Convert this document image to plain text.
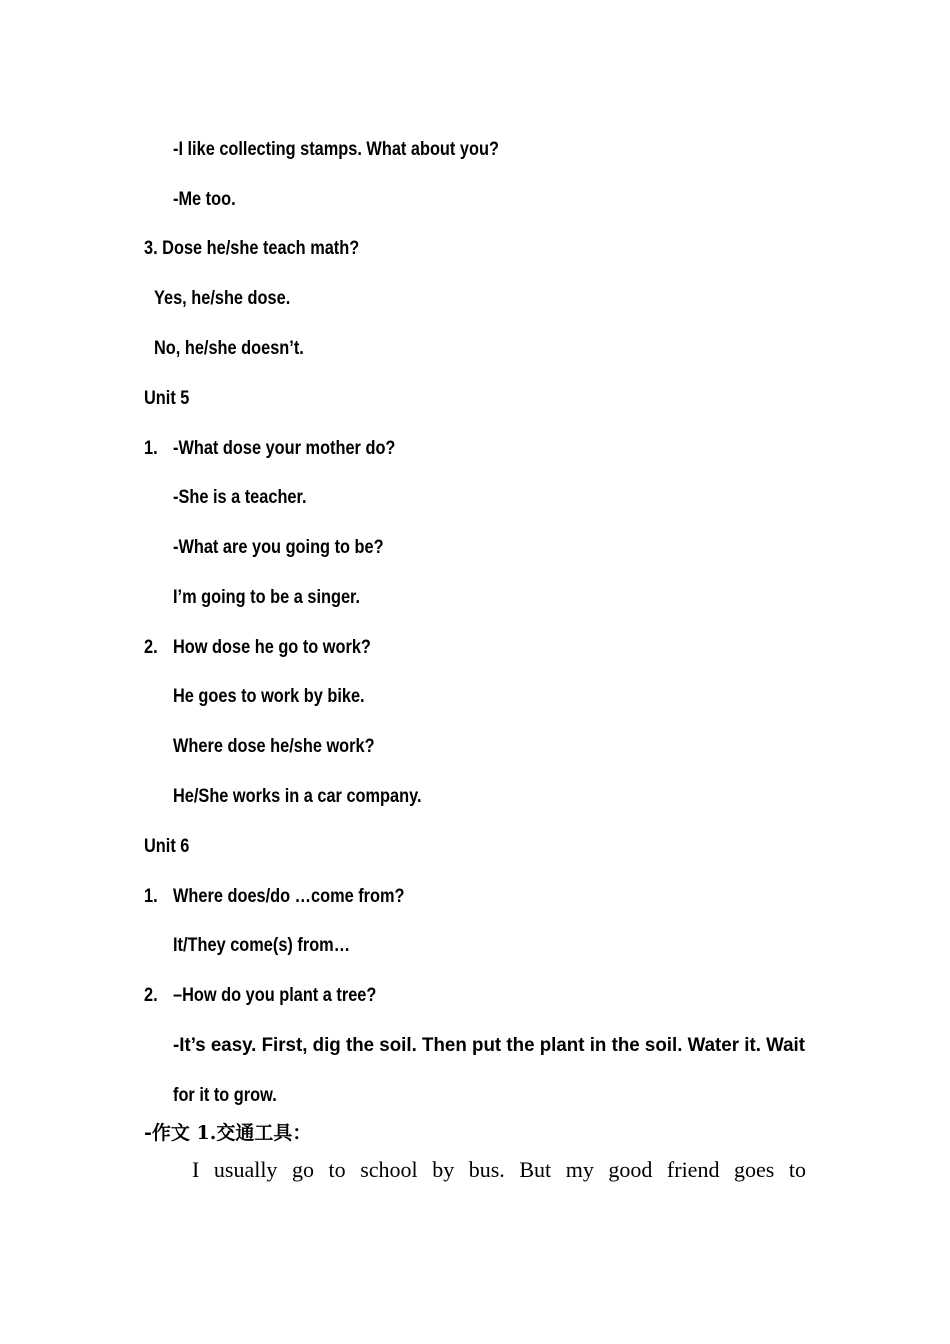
-I like collecting stamps. What about you?
-Me too.
3. Dose he/she teach math?
Yes, he/she dose.
No, he/she doesn’t.
Unit 5
1. -What dose your mother do?
-She is a teacher.
-What are you going to be?
I’m going to be a singer.
2. How dose he go to work?
He goes to work by bike.
Where dose he/she work?
He/She works in a car company.
Unit 6
1. Where does/do …come from?
It/They come(s) from…
2. –How do you plant a tree?
-It’s easy. First, dig the soil. Then put the plant in the soil. Water it. Wait
for it to grow.
-作文 1.交通工具：
I usually go to school by bus. But my good friend goes to
